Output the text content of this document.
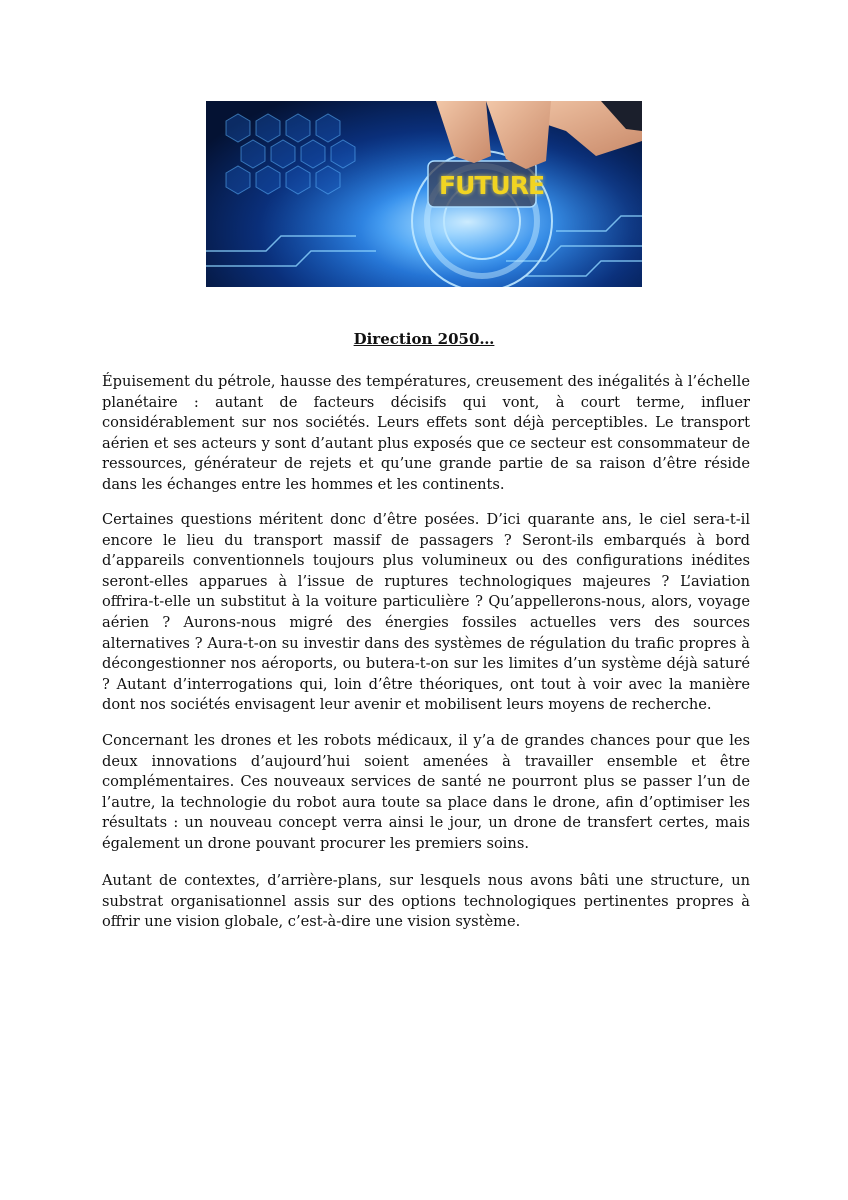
FUTURE
Direction 2050…

Épuisement du pétrole, hausse des températures, creusement des inégalités à l’échelle planétaire : autant de facteurs décisifs qui vont, à court terme, influer considérablement sur nos sociétés. Leurs effets sont déjà perceptibles. Le transport aérien et ses acteurs y sont d’autant plus exposés que ce secteur est consommateur de ressources, générateur de rejets et qu’une grande partie de sa raison d’être réside dans les échanges entre les hommes et les continents.

Certaines questions méritent donc d’être posées. D’ici quarante ans, le ciel sera-t-il encore le lieu du transport massif de passagers ? Seront-ils embarqués à bord d’appareils conventionnels toujours plus volumineux ou des configurations inédites seront-elles apparues à l’issue de ruptures technologiques majeures ? L’aviation offrira-t-elle un substitut à la voiture particulière ? Qu’appellerons-nous, alors, voyage aérien ? Aurons-nous migré des énergies fossiles actuelles vers des sources alternatives ? Aura-t-on su investir dans des systèmes de régulation du trafic propres à décongestionner nos aéroports, ou butera-t-on sur les limites d’un système déjà saturé ? Autant d’interrogations qui, loin d’être théoriques, ont tout à voir avec la manière dont nos sociétés envisagent leur avenir et mobilisent leurs moyens de recherche.

Concernant les drones et les robots médicaux, il y’a de grandes chances pour que les deux innovations d’aujourd’hui soient amenées à travailler ensemble et être complémentaires. Ces nouveaux services de santé ne pourront plus se passer l’un de l’autre, la technologie du robot aura toute sa place dans le drone, afin d’optimiser les résultats : un nouveau concept verra ainsi le jour, un drone de transfert certes, mais également un drone pouvant procurer les premiers soins.

Autant de contextes, d’arrière-plans, sur lesquels nous avons bâti une structure, un substrat organisationnel assis sur des options technologiques pertinentes propres à offrir une vision globale, c’est-à-dire une vision système.
